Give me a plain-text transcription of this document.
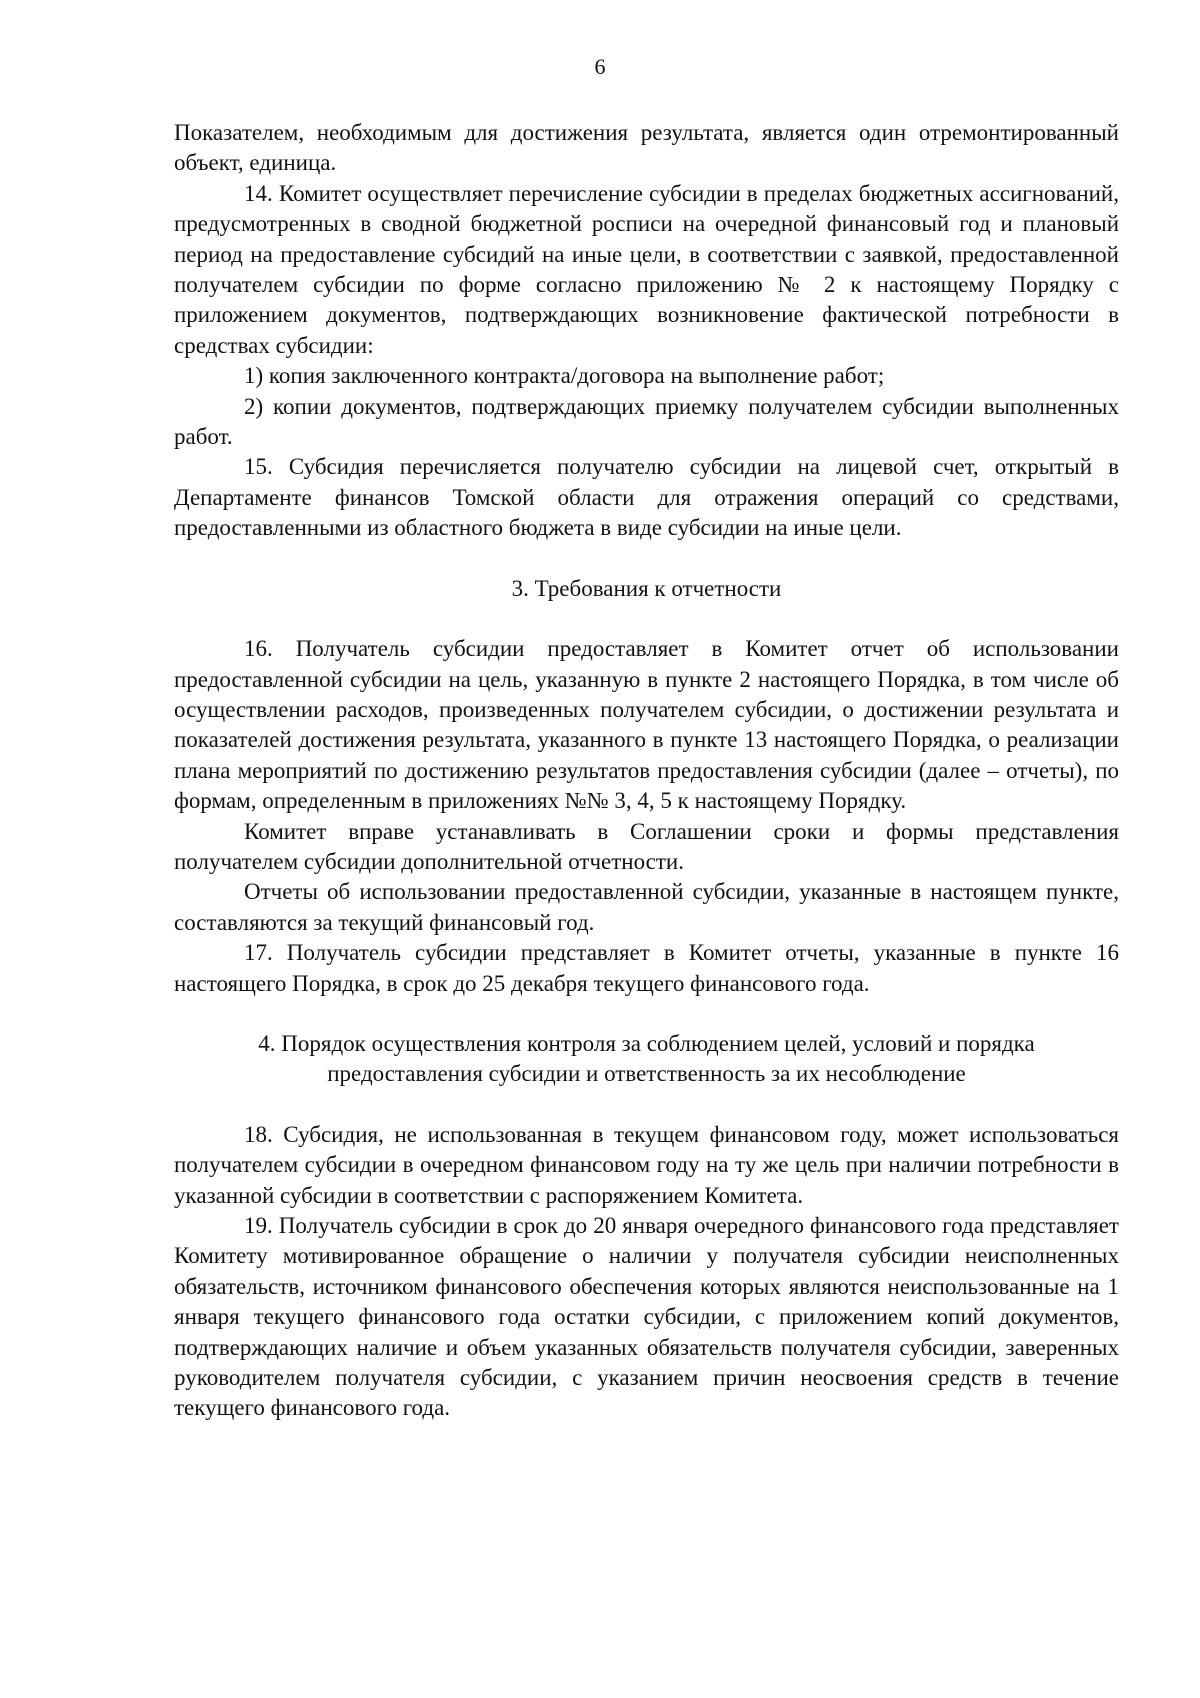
6

Показателем, необходимым для достижения результата, является один отремонтированный объект, единица.

14. Комитет осуществляет перечисление субсидии в пределах бюджетных ассигнований, предусмотренных в сводной бюджетной росписи на очередной финансовый год и плановый период на предоставление субсидий на иные цели, в соответствии с заявкой, предоставленной получателем субсидии по форме согласно приложению № 2 к настоящему Порядку с приложением документов, подтверждающих возникновение фактической потребности в средствах субсидии:

1) копия заключенного контракта/договора на выполнение работ;

2) копии документов, подтверждающих приемку получателем субсидии выполненных работ.

15. Субсидия перечисляется получателю субсидии на лицевой счет, открытый в Департаменте финансов Томской области для отражения операций со средствами, предоставленными из областного бюджета в виде субсидии на иные цели.

3. Требования к отчетности

16. Получатель субсидии предоставляет в Комитет отчет об использовании предоставленной субсидии на цель, указанную в пункте 2 настоящего Порядка, в том числе об осуществлении расходов, произведенных получателем субсидии, о достижении результата и показателей достижения результата, указанного в пункте 13 настоящего Порядка, о реализации плана мероприятий по достижению результатов предоставления субсидии (далее – отчеты), по формам, определенным в приложениях №№ 3, 4, 5 к настоящему Порядку.

Комитет вправе устанавливать в Соглашении сроки и формы представления получателем субсидии дополнительной отчетности.

Отчеты об использовании предоставленной субсидии, указанные в настоящем пункте, составляются за текущий финансовый год.

17. Получатель субсидии представляет в Комитет отчеты, указанные в пункте 16 настоящего Порядка, в срок до 25 декабря текущего финансового года.

4. Порядок осуществления контроля за соблюдением целей, условий и порядка

предоставления субсидии и ответственность за их несоблюдение

18. Субсидия, не использованная в текущем финансовом году, может использоваться получателем субсидии в очередном финансовом году на ту же цель при наличии потребности в указанной субсидии в соответствии с распоряжением Комитета.

19. Получатель субсидии в срок до 20 января очередного финансового года представляет Комитету мотивированное обращение о наличии у получателя субсидии неисполненных обязательств, источником финансового обеспечения которых являются неиспользованные на 1 января текущего финансового года остатки субсидии, с приложением копий документов, подтверждающих наличие и объем указанных обязательств получателя субсидии, заверенных руководителем получателя субсидии, с указанием причин неосвоения средств в течение текущего финансового года.
